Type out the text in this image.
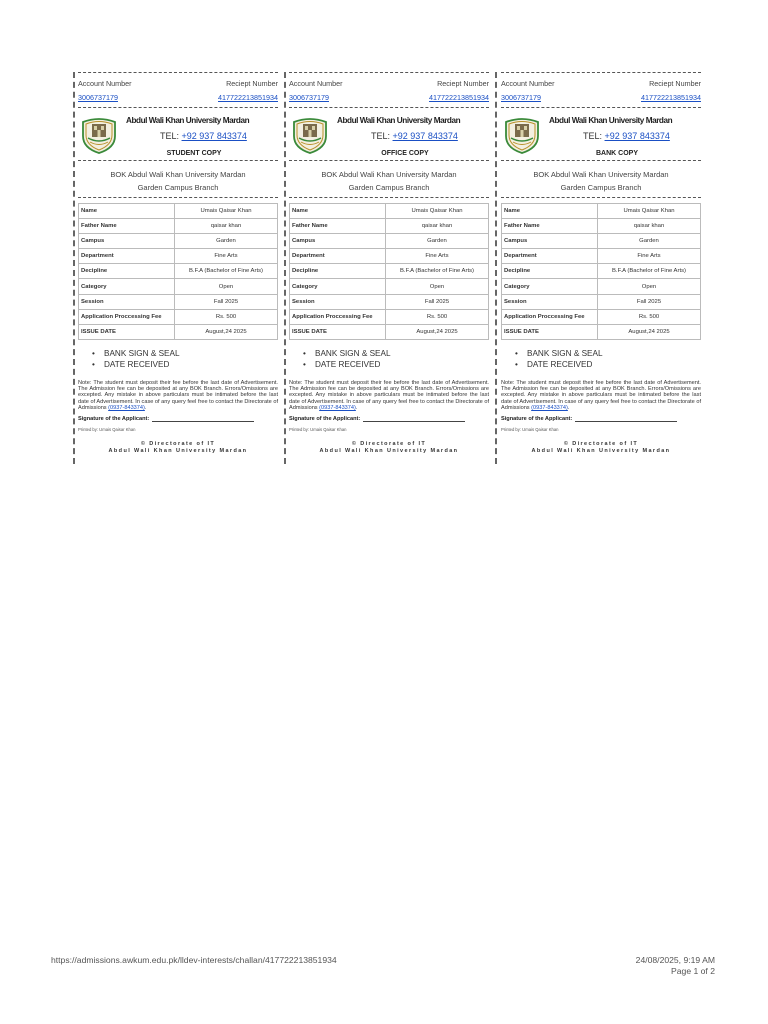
Account Number	Reciept Number
3006737179	417722213851934
Abdul Wali Khan University Mardan
TEL: +92 937 843374
STUDENT COPY
BOK Abdul Wali Khan University Mardan
Garden Campus Branch
Name	Umais Qaisar Khan
Father Name	qaisar khan
Campus	Garden
Department	Fine Arts
Decipline	B.F.A (Bachelor of Fine Arts)
Category	Open
Session	Fall 2025
Application Proccessing Fee	Rs. 500
ISSUE DATE	August,24 2025
• BANK SIGN & SEAL
• DATE RECEIVED
Note: The student must deposit their fee before the last date of Advertisement. The Admission fee can be deposited at any BOK Branch. Errors/Omissions are excepted. Any mistake in above particulars must be intimated before the last date of Advertisement. In case of any query feel free to contact the Directorate of Admissions (0937-843374).
Signature of the Applicant:
Printed by: Umais Qaisar Khan
© Directorate of IT
Abdul Wali Khan University Mardan
Account Number	Reciept Number
3006737179	417722213851934
Abdul Wali Khan University Mardan
TEL: +92 937 843374
OFFICE COPY
BOK Abdul Wali Khan University Mardan
Garden Campus Branch
Name	Umais Qaisar Khan
Father Name	qaisar khan
Campus	Garden
Department	Fine Arts
Decipline	B.F.A (Bachelor of Fine Arts)
Category	Open
Session	Fall 2025
Application Proccessing Fee	Rs. 500
ISSUE DATE	August,24 2025
• BANK SIGN & SEAL
• DATE RECEIVED
Note: The student must deposit their fee before the last date of Advertisement. The Admission fee can be deposited at any BOK Branch. Errors/Omissions are excepted. Any mistake in above particulars must be intimated before the last date of Advertisement. In case of any query feel free to contact the Directorate of Admissions (0937-843374).
Signature of the Applicant:
Printed by: Umais Qaisar Khan
© Directorate of IT
Abdul Wali Khan University Mardan
Account Number	Reciept Number
3006737179	417722213851934
Abdul Wali Khan University Mardan
TEL: +92 937 843374
BANK COPY
BOK Abdul Wali Khan University Mardan
Garden Campus Branch
Name	Umais Qaisar Khan
Father Name	qaisar khan
Campus	Garden
Department	Fine Arts
Decipline	B.F.A (Bachelor of Fine Arts)
Category	Open
Session	Fall 2025
Application Proccessing Fee	Rs. 500
ISSUE DATE	August,24 2025
• BANK SIGN & SEAL
• DATE RECEIVED
Note: The student must deposit their fee before the last date of Advertisement. The Admission fee can be deposited at any BOK Branch. Errors/Omissions are excepted. Any mistake in above particulars must be intimated before the last date of Advertisement. In case of any query feel free to contact the Directorate of Admissions (0937-843374).
Signature of the Applicant:
Printed by: Umais Qaisar Khan
© Directorate of IT
Abdul Wali Khan University Mardan
https://admissions.awkum.edu.pk/lldev-interests/challan/417722213851934	24/08/2025, 9:19 AM
Page 1 of 2
